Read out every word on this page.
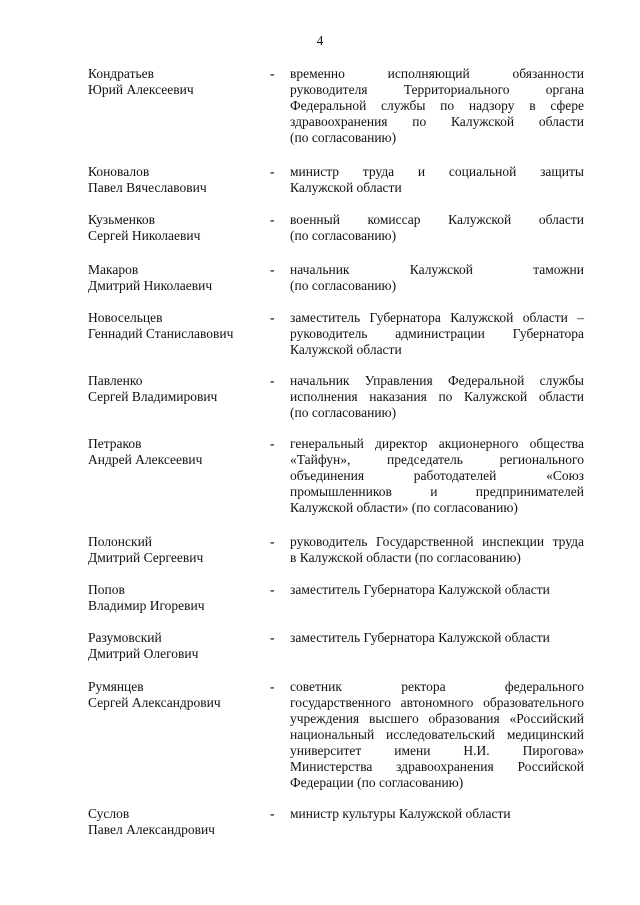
4
Кондратьев
Юрий Алексеевич
- временно исполняющий обязанности
руководителя Территориального органа
Федеральной службы по надзору в сфере
здравоохранения по Калужской области
(по согласованию)
Коновалов
Павел Вячеславович
- министр труда и социальной защиты
Калужской области
Кузьменков
Сергей Николаевич
- военный комиссар Калужской области
(по согласованию)
Макаров
Дмитрий Николаевич
- начальник Калужской таможни
(по согласованию)
Новосельцев
Геннадий Станиславович
- заместитель Губернатора Калужской области –
руководитель администрации Губернатора
Калужской области
Павленко
Сергей Владимирович
- начальник Управления Федеральной службы
исполнения наказания по Калужской области
(по согласованию)
Петраков
Андрей Алексеевич
- генеральный директор акционерного общества
«Тайфун», председатель регионального
объединения работодателей «Союз
промышленников и предпринимателей
Калужской области» (по согласованию)
Полонский
Дмитрий Сергеевич
- руководитель Государственной инспекции труда
в Калужской области (по согласованию)
Попов
Владимир Игоревич
- заместитель Губернатора Калужской области
Разумовский
Дмитрий Олегович
- заместитель Губернатора Калужской области
Румянцев
Сергей Александрович
- советник ректора федерального
государственного автономного образовательного
учреждения высшего образования «Российский
национальный исследовательский медицинский
университет имени Н.И. Пирогова»
Министерства здравоохранения Российской
Федерации (по согласованию)
Суслов
Павел Александрович
- министр культуры Калужской области
